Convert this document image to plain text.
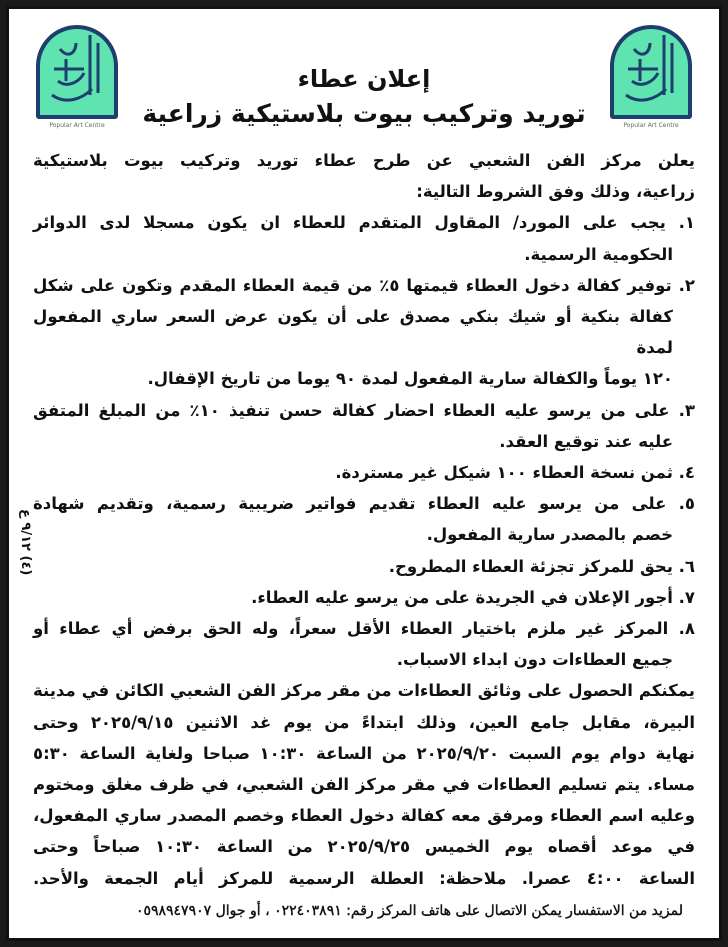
Popular Art Centre	Popular Art Centre
إعلان عطاء
توريد وتركيب بيوت بلاستيكية زراعية
(٤) ٩/١٢ ع
يعلن مركز الفن الشعبي عن طرح عطاء توريد وتركيب بيوت بلاستيكية
زراعية، وذلك وفق الشروط التالية:
١. يجب على المورد/ المقاول المتقدم للعطاء ان يكون مسجلا لدى الدوائر
الحكومية الرسمية.
٢. توفير كفالة دخول العطاء قيمتها ٥٪ من قيمة العطاء المقدم وتكون على شكل
كفالة بنكية أو شيك بنكي مصدق على أن يكون عرض السعر ساري المفعول لمدة
١٢٠ يوماً والكفالة سارية المفعول لمدة ٩٠ يوما من تاريخ الإقفال.
٣. على من يرسو عليه العطاء احضار كفالة حسن تنفيذ ١٠٪ من المبلغ المتفق
عليه عند توقيع العقد.
٤. ثمن نسخة العطاء ١٠٠ شيكل غير مستردة.
٥. على من يرسو عليه العطاء تقديم فواتير ضريبية رسمية، وتقديم شهادة
خصم بالمصدر سارية المفعول.
٦. يحق للمركز تجزئة العطاء المطروح.
٧. أجور الإعلان في الجريدة على من يرسو عليه العطاء.
٨. المركز غير ملزم باختيار العطاء الأقل سعراً، وله الحق برفض أي عطاء أو
جميع العطاءات دون ابداء الاسباب.
يمكنكم الحصول على وثائق العطاءات من مقر مركز الفن الشعبي الكائن في مدينة
البيرة، مقابل جامع العين، وذلك ابتداءً من يوم غد الاثنين ٢٠٢٥/٩/١٥ وحتى
نهاية دوام يوم السبت ٢٠٢٥/٩/٢٠ من الساعة ١٠:٣٠ صباحا ولغاية الساعة ٥:٣٠
مساء. يتم تسليم العطاءات في مقر مركز الفن الشعبي، في ظرف مغلق ومختوم
وعليه اسم العطاء ومرفق معه كفالة دخول العطاء وخصم المصدر ساري المفعول،
في موعد أقصاه يوم الخميس ٢٠٢٥/٩/٢٥ من الساعة ١٠:٣٠ صباحاً وحتى
الساعة ٤:٠٠ عصرا. ملاحظة: العطلة الرسمية للمركز أيام الجمعة والأحد.
لمزيد من الاستفسار يمكن الاتصال على هاتف المركز رقم: ٠٢٢٤٠٣٨٩١ ، أو جوال ٠٥٩٨٩٤٧٩٠٧
